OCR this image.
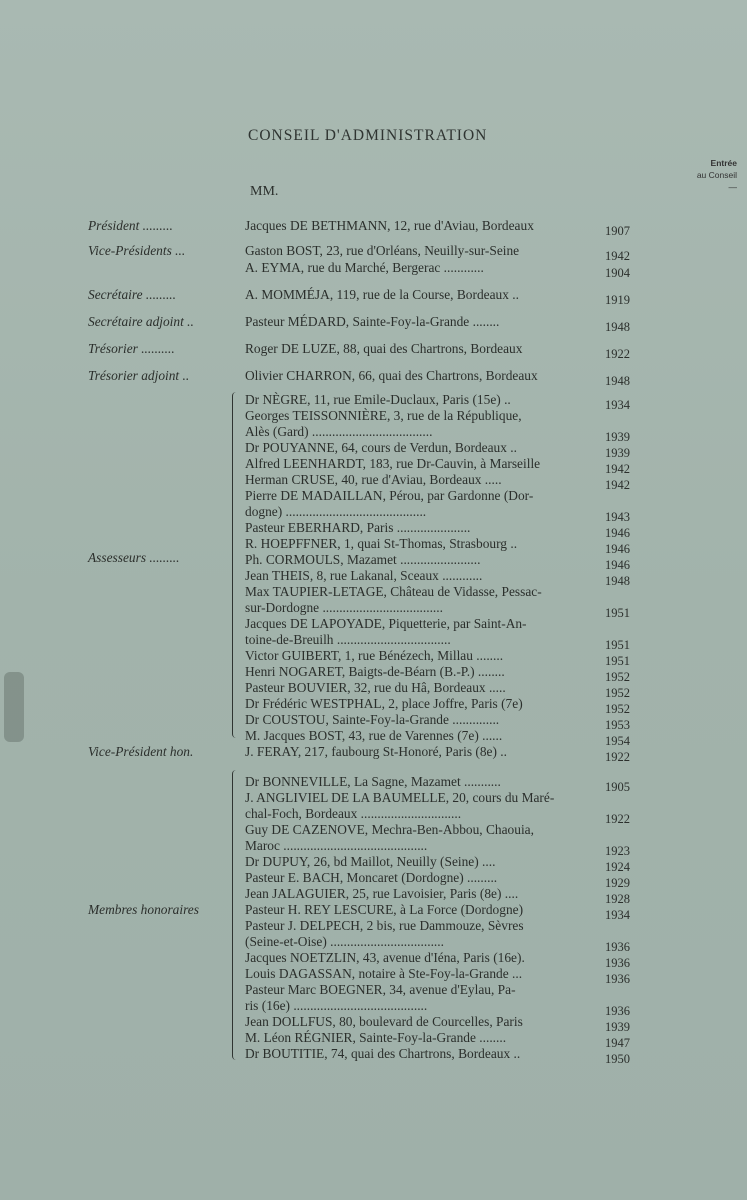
CONSEIL D'ADMINISTRATION
Entrée
au Conseil
—
MM.
Président .........	Jacques DE BETHMANN, 12, rue d'Aviau, Bordeaux	1907
Vice-Présidents ...	Gaston BOST, 23, rue d'Orléans, Neuilly-sur-Seine	1942
A. EYMA, rue du Marché, Bergerac ............	1904
Secrétaire .........	A. MOMMÉJA, 119, rue de la Course, Bordeaux ..	1919
Secrétaire adjoint ..	Pasteur MÉDARD, Sainte-Foy-la-Grande ........	1948
Trésorier ..........	Roger DE LUZE, 88, quai des Chartrons, Bordeaux	1922
Trésorier adjoint ..	Olivier CHARRON, 66, quai des Chartrons, Bordeaux	1948
Dr NÈGRE, 11, rue Emile-Duclaux, Paris (15e) ..	1934
Georges TEISSONNIÈRE, 3, rue de la République,
Alès (Gard) ....................................	1939
Dr POUYANNE, 64, cours de Verdun, Bordeaux ..	1939
Alfred LEENHARDT, 183, rue Dr-Cauvin, à Marseille	1942
Herman CRUSE, 40, rue d'Aviau, Bordeaux .....	1942
Pierre DE MADAILLAN, Pérou, par Gardonne (Dor-
dogne) ..........................................	1943
Pasteur EBERHARD, Paris ......................	1946
R. HOEPFFNER, 1, quai St-Thomas, Strasbourg ..	1946
Assesseurs .........	Ph. CORMOULS, Mazamet ........................	1946
Jean THEIS, 8, rue Lakanal, Sceaux ............	1948
Max TAUPIER-LETAGE, Château de Vidasse, Pessac-
sur-Dordogne ....................................	1951
Jacques DE LAPOYADE, Piquetterie, par Saint-An-
toine-de-Breuilh ..................................	1951
Victor GUIBERT, 1, rue Bénézech, Millau ........	1951
Henri NOGARET, Baigts-de-Béarn (B.-P.) ........	1952
Pasteur BOUVIER, 32, rue du Hâ, Bordeaux .....	1952
Dr Frédéric WESTPHAL, 2, place Joffre, Paris (7e)	1952
Dr COUSTOU, Sainte-Foy-la-Grande ..............	1953
M. Jacques BOST, 43, rue de Varennes (7e) ......	1954
Vice-Président hon.	J. FERAY, 217, faubourg St-Honoré, Paris (8e) ..	1922
Dr BONNEVILLE, La Sagne, Mazamet ...........	1905
J. ANGLIVIEL DE LA BAUMELLE, 20, cours du Maré-
chal-Foch, Bordeaux ..............................	1922
Guy DE CAZENOVE, Mechra-Ben-Abbou, Chaouia,
Maroc ...........................................	1923
Dr DUPUY, 26, bd Maillot, Neuilly (Seine) ....	1924
Pasteur E. BACH, Moncaret (Dordogne) .........	1929
Jean JALAGUIER, 25, rue Lavoisier, Paris (8e) ....	1928
Membres honoraires	Pasteur H. REY LESCURE, à La Force (Dordogne)	1934
Pasteur J. DELPECH, 2 bis, rue Dammouze, Sèvres
(Seine-et-Oise) ..................................	1936
Jacques NOETZLIN, 43, avenue d'Iéna, Paris (16e).	1936
Louis DAGASSAN, notaire à Ste-Foy-la-Grande ...	1936
Pasteur Marc BOEGNER, 34, avenue d'Eylau, Pa-
ris (16e) ........................................	1936
Jean DOLLFUS, 80, boulevard de Courcelles, Paris	1939
M. Léon RÉGNIER, Sainte-Foy-la-Grande ........	1947
Dr BOUTITIE, 74, quai des Chartrons, Bordeaux ..	1950
